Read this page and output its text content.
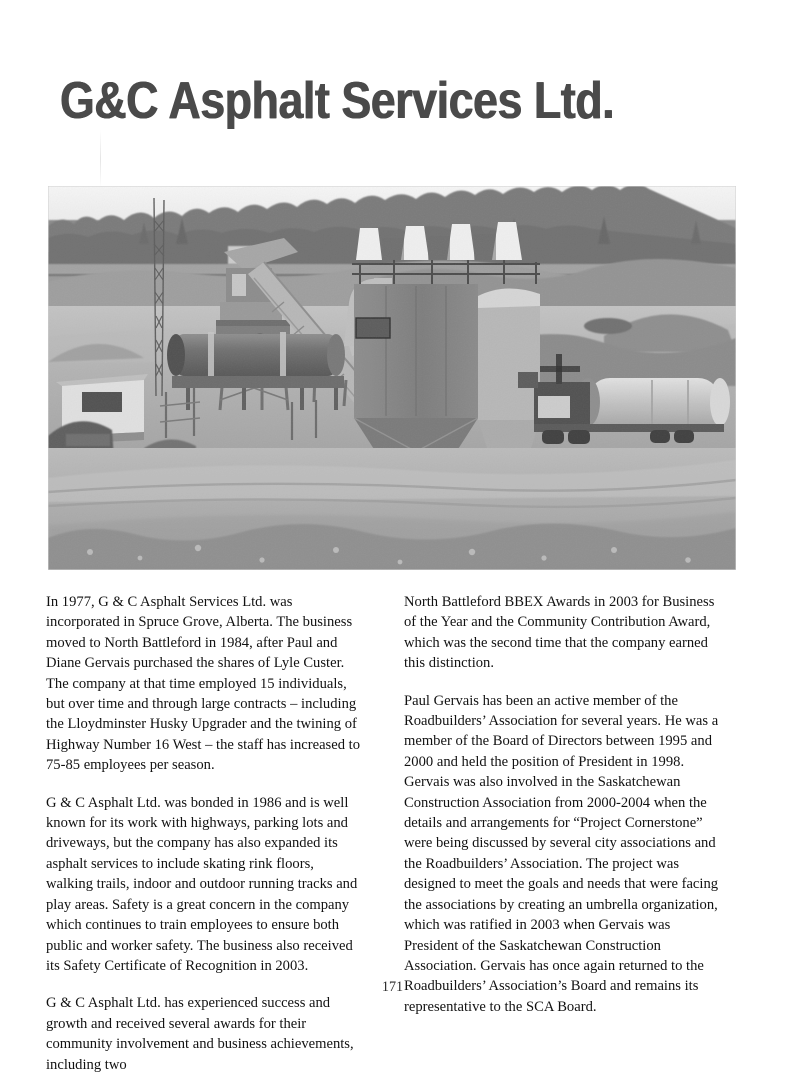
G&C Asphalt Services Ltd.

In 1977, G & C Asphalt Services Ltd. was incorporated in Spruce Grove, Alberta. The business moved to North Battleford in 1984, after Paul and Diane Gervais purchased the shares of Lyle Custer. The company at that time employed 15 individuals, but over time and through large contracts – including the Lloydminster Husky Upgrader and the twining of Highway Number 16 West – the staff has increased to 75-85 employees per season.

G & C Asphalt Ltd. was bonded in 1986 and is well known for its work with highways, parking lots and driveways, but the company has also expanded its asphalt services to include skating rink floors, walking trails, indoor and outdoor running tracks and play areas. Safety is a great concern in the company which continues to train employees to ensure both public and worker safety. The business also received its Safety Certificate of Recognition in 2003.

G & C Asphalt Ltd. has experienced success and growth and received several awards for their community involvement and business achievements, including two

North Battleford BBEX Awards in 2003 for Business of the Year and the Community Contribution Award, which was the second time that the company earned this distinction.

Paul Gervais has been an active member of the Roadbuilders’ Association for several years. He was a member of the Board of Directors between 1995 and 2000 and held the position of President in 1998. Gervais was also involved in the Saskatchewan Construction Association from 2000-2004 when the details and arrangements for “Project Cornerstone” were being discussed by several city associations and the Roadbuilders’ Association. The project was designed to meet the goals and needs that were facing the associations by creating an umbrella organization, which was ratified in 2003 when Gervais was President of the Saskatchewan Construction Association. Gervais has once again returned to the Roadbuilders’ Association’s Board and remains its representative to the SCA Board.

171
